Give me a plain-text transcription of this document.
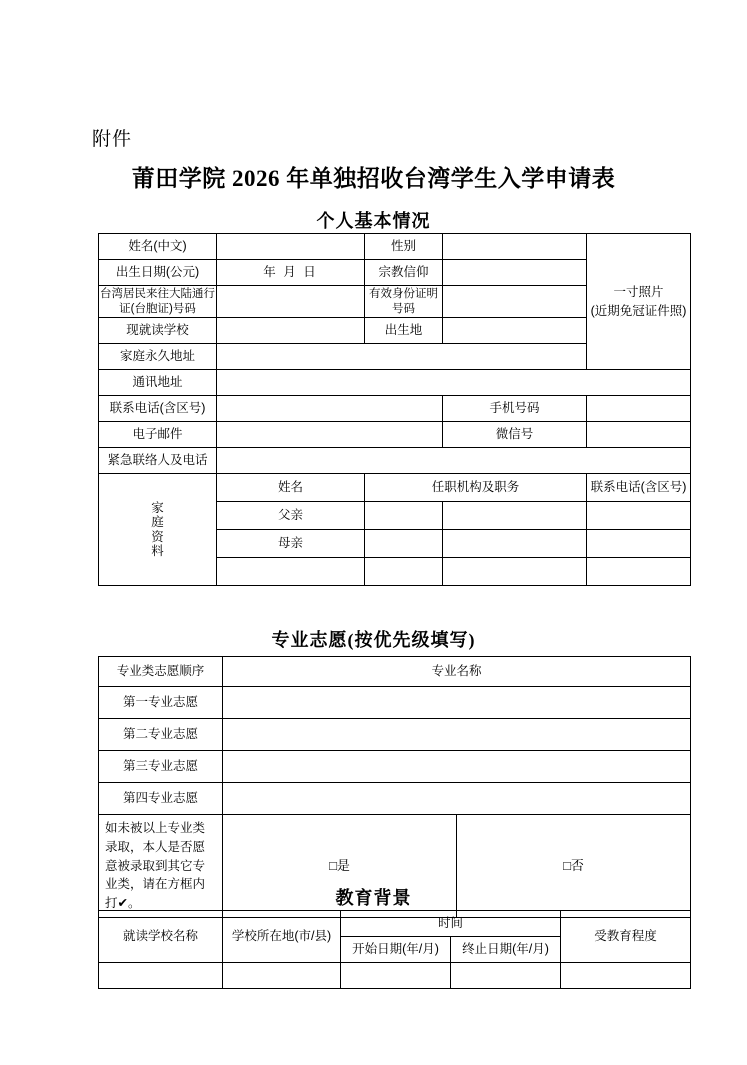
附件
莆田学院 2026 年单独招收台湾学生入学申请表
个人基本情况
姓名(中文)		性别		一寸照片
(近期免冠证件照)

出生日期(公元)	年 月 日	宗教信仰		
台湾居民来往大陆通行证(台胞证)号码		有效身份证明号码		
现就读学校		出生地		
家庭永久地址				
通讯地址				
联系电话(含区号)			手机号码	
电子邮件			微信号	
紧急联络人及电话				

家
庭
资
料	姓名	任职机构及职务		联系电话(含区号)
	父亲			
	母亲			

专业志愿(按优先级填写)
专业类志愿顺序	专业名称	
第一专业志愿		
第二专业志愿		
第三专业志愿		
第四专业志愿		
如未被以上专业类录取，本人是否愿意被录取到其它专业类，请在方框内打✔。	□是	□否
教育背景
就读学校名称	学校所在地(市/县)	时间		受教育程度
		开始日期(年/月)	终止日期(年/月)	
